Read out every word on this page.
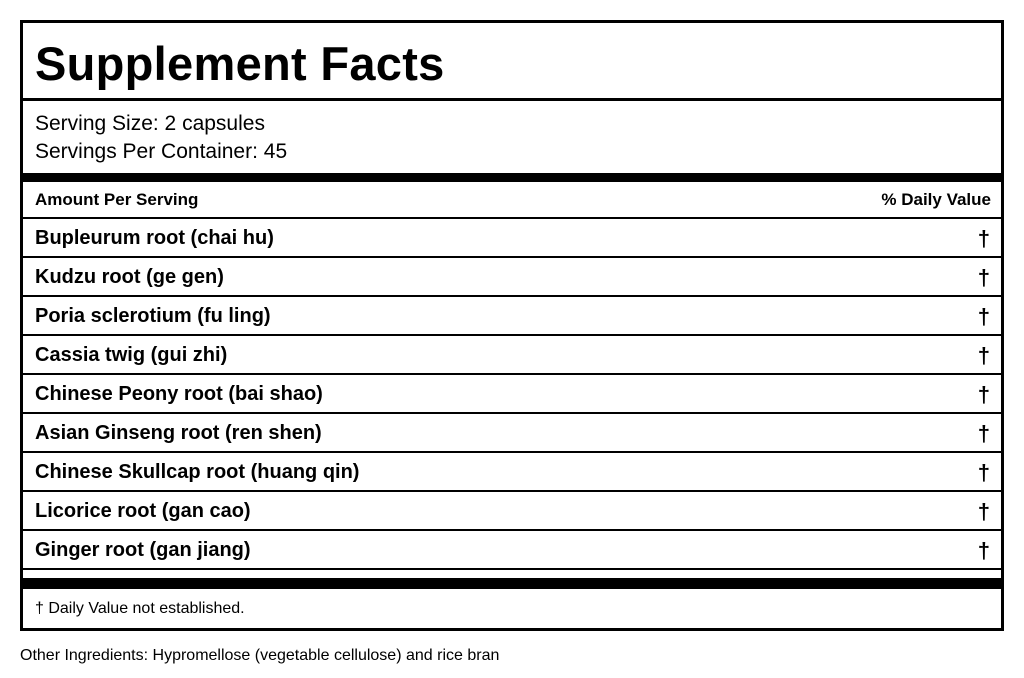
Supplement Facts
Serving Size: 2 capsules
Servings Per Container: 45
Amount Per Serving	% Daily Value
Bupleurum root (chai hu)	†
Kudzu root (ge gen)	†
Poria sclerotium (fu ling)	†
Cassia twig (gui zhi)	†
Chinese Peony root (bai shao)	†
Asian Ginseng root (ren shen)	†
Chinese Skullcap root (huang qin)	†
Licorice root (gan cao)	†
Ginger root (gan jiang)	†
† Daily Value not established.
Other Ingredients: Hypromellose (vegetable cellulose) and rice bran
